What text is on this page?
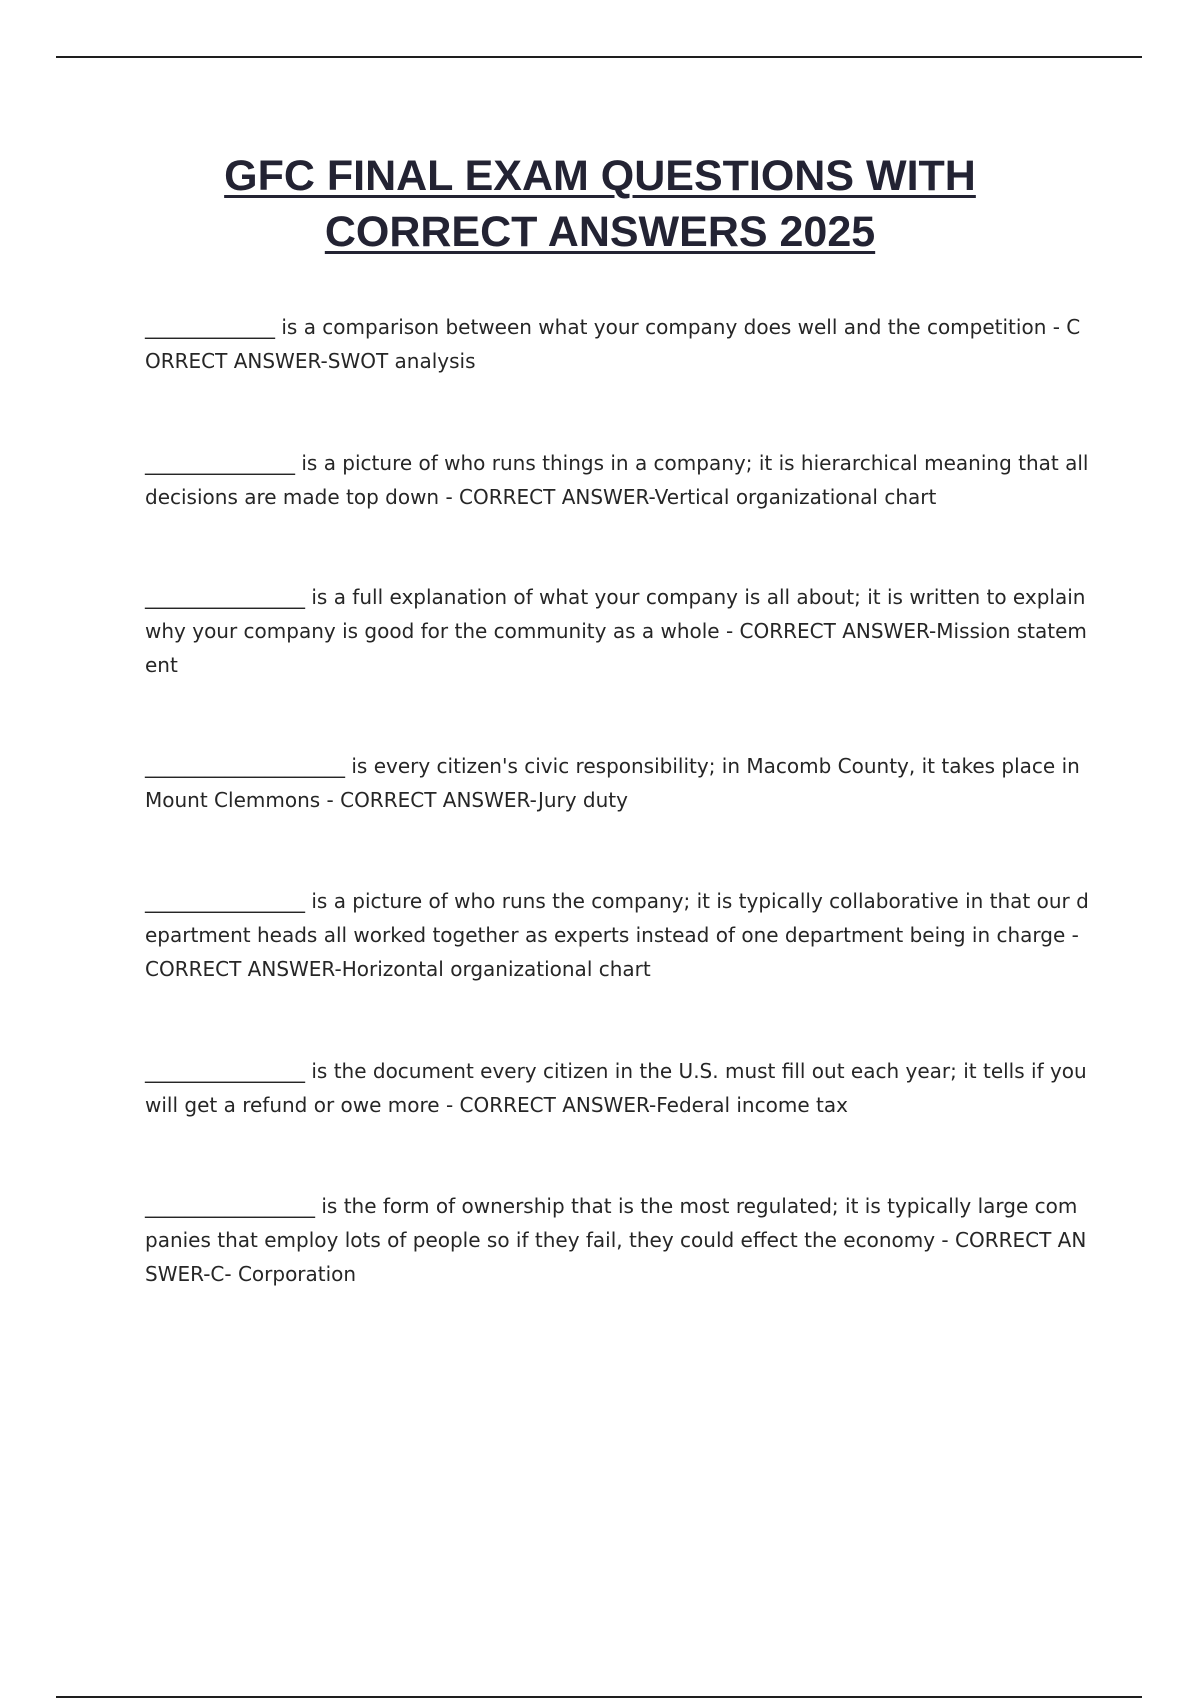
GFC FINAL EXAM QUESTIONS WITH
CORRECT ANSWERS 2025

_____________ is a comparison between what your company does well and the competition - CORRECT ANSWER-SWOT analysis

_______________ is a picture of who runs things in a company; it is hierarchical meaning that all decisions are made top down - CORRECT ANSWER-Vertical organizational chart

________________ is a full explanation of what your company is all about; it is written to explain why your company is good for the community as a whole - CORRECT ANSWER-Mission statement

____________________ is every citizen's civic responsibility; in Macomb County, it takes place in Mount Clemmons - CORRECT ANSWER-Jury duty

________________ is a picture of who runs the company; it is typically collaborative in that our department heads all worked together as experts instead of one department being in charge - CORRECT ANSWER-Horizontal organizational chart

________________ is the document every citizen in the U.S. must fill out each year; it tells if you will get a refund or owe more - CORRECT ANSWER-Federal income tax

_________________ is the form of ownership that is the most regulated; it is typically large companies that employ lots of people so if they fail, they could effect the economy - CORRECT ANSWER-C- Corporation
